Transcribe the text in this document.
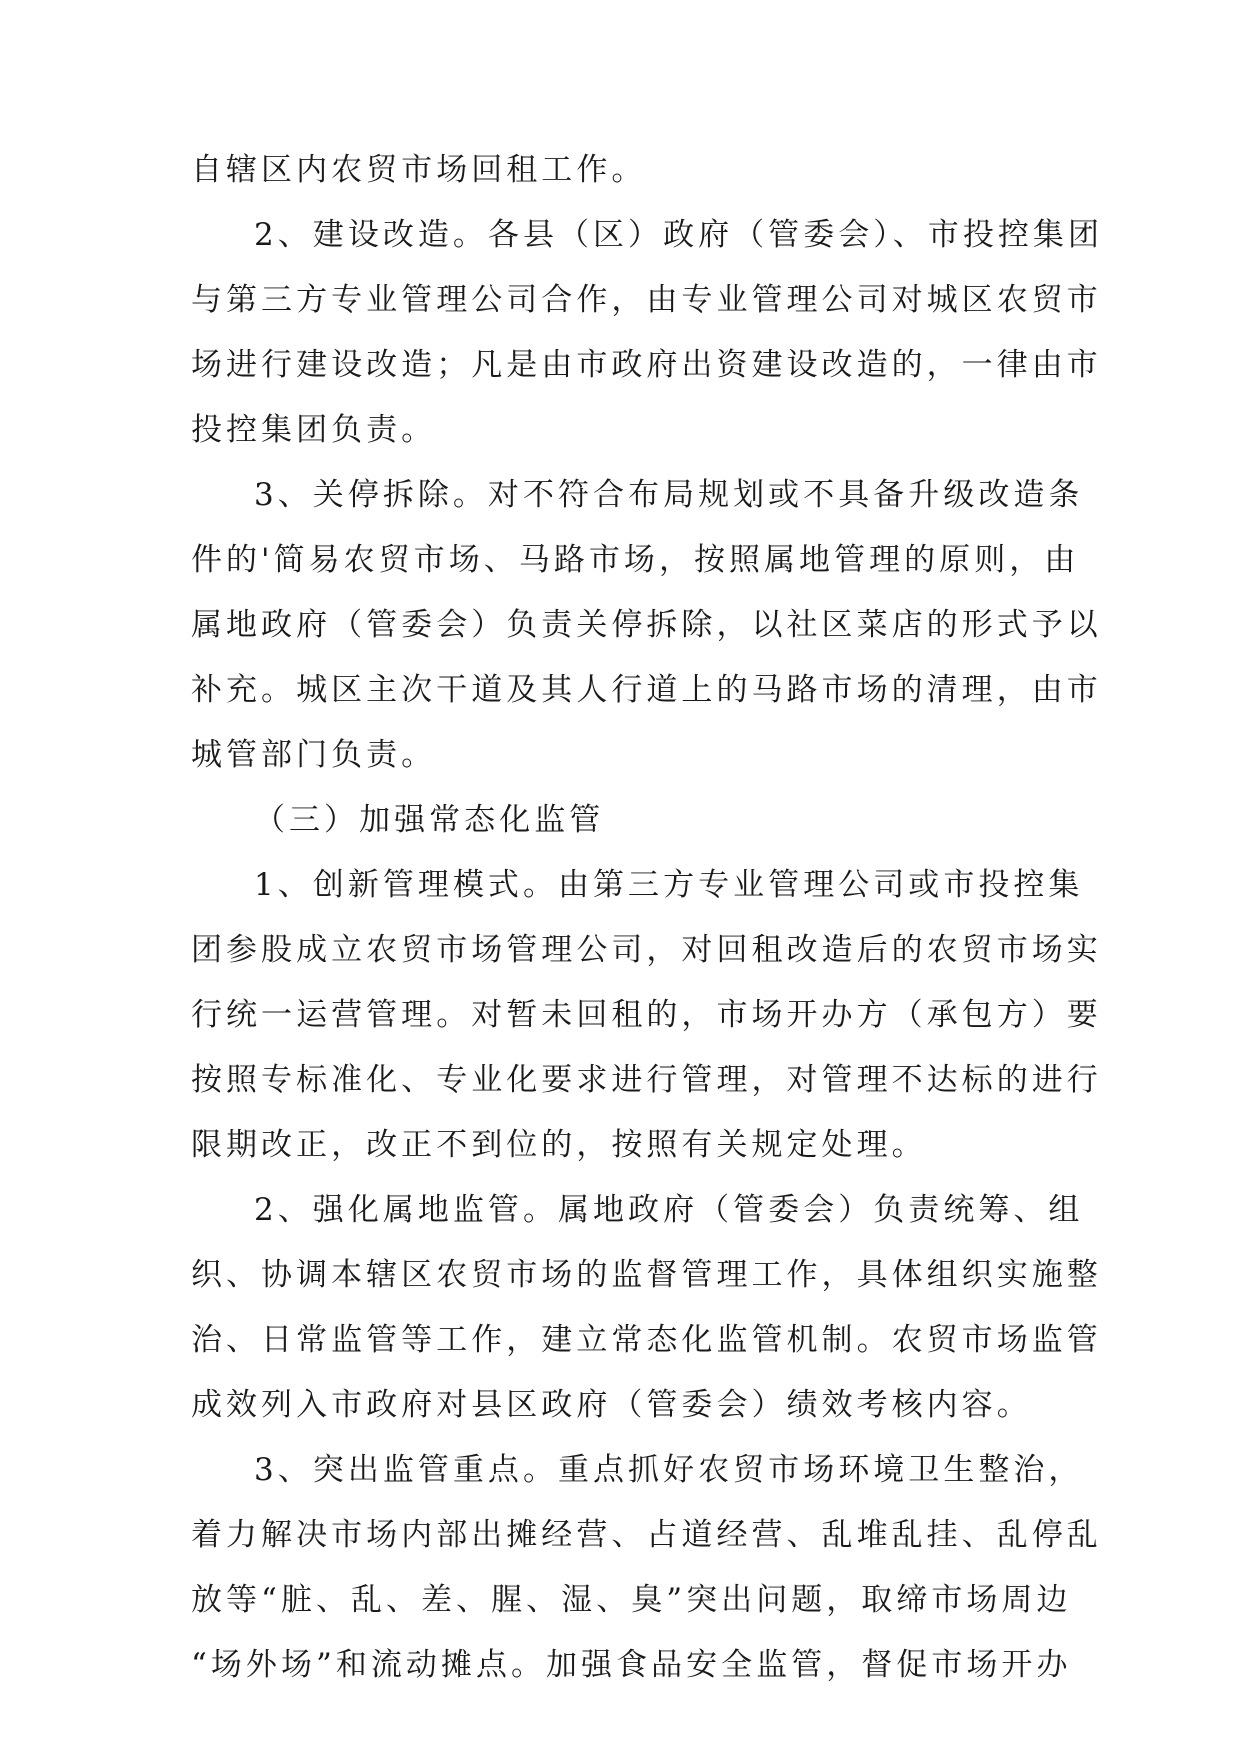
自辖区内农贸市场回租工作。
2、建设改造。各县（区）政府（管委会）、市投控集团
与第三方专业管理公司合作，由专业管理公司对城区农贸市
场进行建设改造；凡是由市政府出资建设改造的，一律由市
投控集团负责。
3、关停拆除。对不符合布局规划或不具备升级改造条
件的'简易农贸市场、马路市场，按照属地管理的原则，由
属地政府（管委会）负责关停拆除，以社区菜店的形式予以
补充。城区主次干道及其人行道上的马路市场的清理，由市
城管部门负责。
（三）加强常态化监管
1、创新管理模式。由第三方专业管理公司或市投控集
团参股成立农贸市场管理公司，对回租改造后的农贸市场实
行统一运营管理。对暂未回租的，市场开办方（承包方）要
按照专标准化、专业化要求进行管理，对管理不达标的进行
限期改正，改正不到位的，按照有关规定处理。
2、强化属地监管。属地政府（管委会）负责统筹、组
织、协调本辖区农贸市场的监督管理工作，具体组织实施整
治、日常监管等工作，建立常态化监管机制。农贸市场监管
成效列入市政府对县区政府（管委会）绩效考核内容。
3、突出监管重点。重点抓好农贸市场环境卫生整治，
着力解决市场内部出摊经营、占道经营、乱堆乱挂、乱停乱
放等“脏、乱、差、腥、湿、臭”突出问题，取缔市场周边
“场外场”和流动摊点。加强食品安全监管，督促市场开办
